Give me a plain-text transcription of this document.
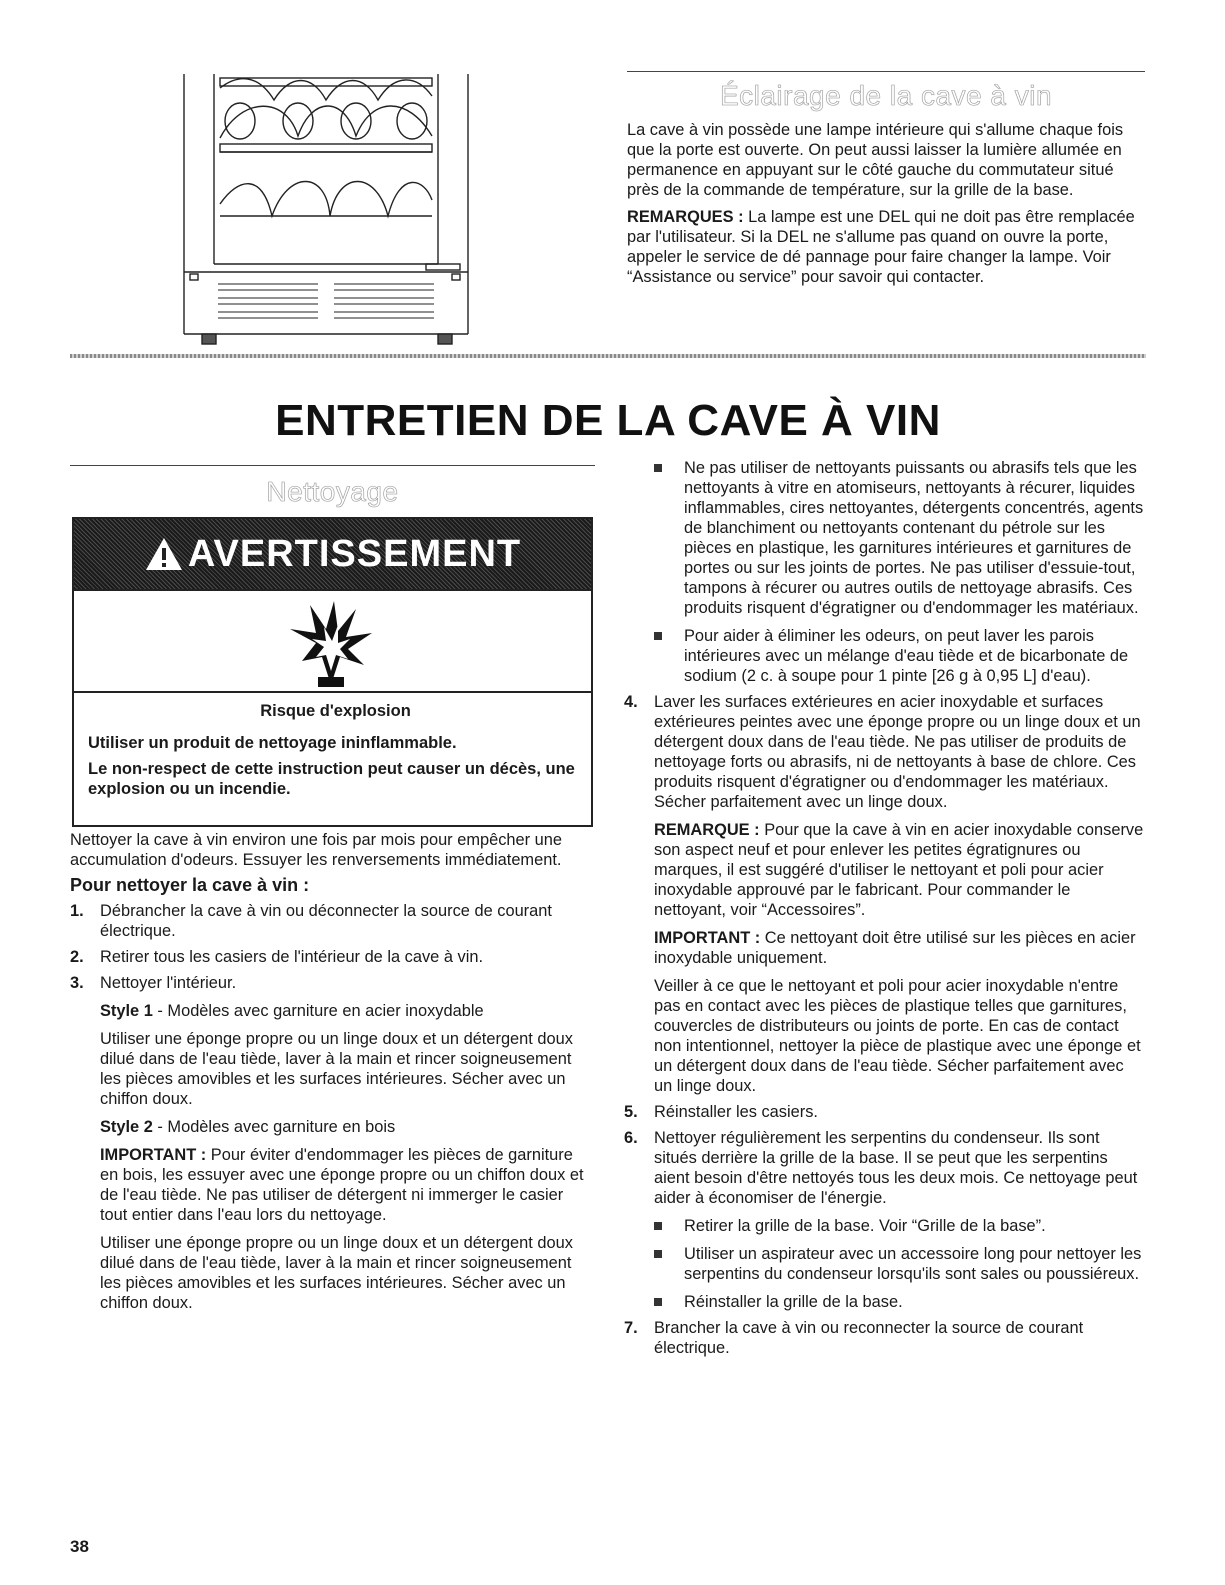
Éclairage de la cave à vin

La cave à vin possède une lampe intérieure qui s'allume chaque fois que la porte est ouverte. On peut aussi laisser la lumière allumée en permanence en appuyant sur le côté gauche du commutateur situé près de la commande de température, sur la grille de la base.

REMARQUES : La lampe est une DEL qui ne doit pas être remplacée par l'utilisateur. Si la DEL ne s'allume pas quand on ouvre la porte, appeler le service de dé pannage pour faire changer la lampe. Voir “Assistance ou service” pour savoir qui contacter.

ENTRETIEN DE LA CAVE À VIN
Nettoyage
AVERTISSEMENT

Risque d'explosion

Utiliser un produit de nettoyage ininflammable.

Le non-respect de cette instruction peut causer un décès, une explosion ou un incendie.

Nettoyer la cave à vin environ une fois par mois pour empêcher une accumulation d'odeurs. Essuyer les renversements immédiatement.

Pour nettoyer la cave à vin :

1. Débrancher la cave à vin ou déconnecter la source de courant électrique.
2. Retirer tous les casiers de l'intérieur de la cave à vin.
3. Nettoyer l'intérieur.

Style 1 - Modèles avec garniture en acier inoxydable

Utiliser une éponge propre ou un linge doux et un détergent doux dilué dans de l'eau tiède, laver à la main et rincer soigneusement les pièces amovibles et les surfaces intérieures. Sécher avec un chiffon doux.

Style 2 - Modèles avec garniture en bois

IMPORTANT : Pour éviter d'endommager les pièces de garniture en bois, les essuyer avec une éponge propre ou un chiffon doux et de l'eau tiède. Ne pas utiliser de détergent ni immerger le casier tout entier dans l'eau lors du nettoyage.

Utiliser une éponge propre ou un linge doux et un détergent doux dilué dans de l'eau tiède, laver à la main et rincer soigneusement les pièces amovibles et les surfaces intérieures. Sécher avec un chiffon doux.

Ne pas utiliser de nettoyants puissants ou abrasifs tels que les nettoyants à vitre en atomiseurs, nettoyants à récurer, liquides inflammables, cires nettoyantes, détergents concentrés, agents de blanchiment ou nettoyants contenant du pétrole sur les pièces en plastique, les garnitures intérieures et garnitures de portes ou sur les joints de portes. Ne pas utiliser d'essuie-tout, tampons à récurer ou autres outils de nettoyage abrasifs. Ces produits risquent d'égratigner ou d'endommager les matériaux.
Pour aider à éliminer les odeurs, on peut laver les parois intérieures avec un mélange d'eau tiède et de bicarbonate de sodium (2 c. à soupe pour 1 pinte [26 g à 0,95 L] d'eau).
4. Laver les surfaces extérieures en acier inoxydable et surfaces extérieures peintes avec une éponge propre ou un linge doux et un détergent doux dans de l'eau tiède. Ne pas utiliser de produits de nettoyage forts ou abrasifs, ni de nettoyants à base de chlore. Ces produits risquent d'égratigner ou d'endommager les matériaux. Sécher parfaitement avec un linge doux.

REMARQUE : Pour que la cave à vin en acier inoxydable conserve son aspect neuf et pour enlever les petites égratignures ou marques, il est suggéré d'utiliser le nettoyant et poli pour acier inoxydable approuvé par le fabricant. Pour commander le nettoyant, voir “Accessoires”.

IMPORTANT : Ce nettoyant doit être utilisé sur les pièces en acier inoxydable uniquement.

Veiller à ce que le nettoyant et poli pour acier inoxydable n'entre pas en contact avec les pièces de plastique telles que garnitures, couvercles de distributeurs ou joints de porte. En cas de contact non intentionnel, nettoyer la pièce de plastique avec une éponge et un détergent doux dans de l'eau tiède. Sécher parfaitement avec un linge doux.

5. Réinstaller les casiers.
6. Nettoyer régulièrement les serpentins du condenseur. Ils sont situés derrière la grille de la base. Il se peut que les serpentins aient besoin d'être nettoyés tous les deux mois. Ce nettoyage peut aider à économiser de l'énergie.
Retirer la grille de la base. Voir “Grille de la base”.
Utiliser un aspirateur avec un accessoire long pour nettoyer les serpentins du condenseur lorsqu'ils sont sales ou poussiéreux.
Réinstaller la grille de la base.
7. Brancher la cave à vin ou reconnecter la source de courant électrique.
38
